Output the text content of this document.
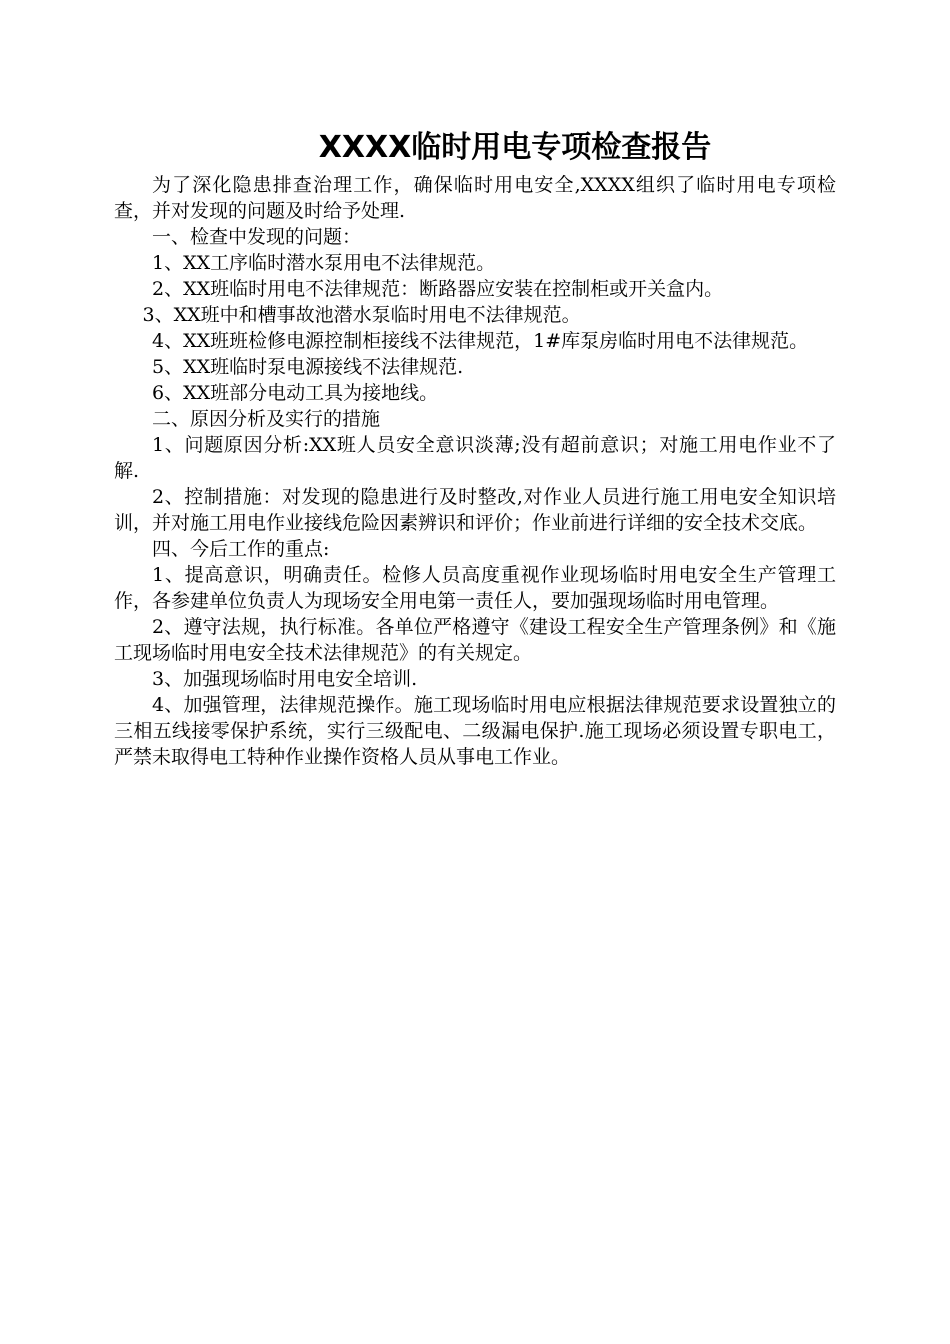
XXXX临时用电专项检查报告

为了深化隐患排查治理工作，确保临时用电安全,XXXX组织了临时用电专项检查，并对发现的问题及时给予处理.

一、检查中发现的问题：

1、XX工序临时潜水泵用电不法律规范。

2、XX班临时用电不法律规范：断路器应安装在控制柜或开关盒内。

3、XX班中和槽事故池潜水泵临时用电不法律规范。

4、XX班班检修电源控制柜接线不法律规范，1#库泵房临时用电不法律规范。

5、XX班临时泵电源接线不法律规范.

6、XX班部分电动工具为接地线。

二、原因分析及实行的措施

1、问题原因分析:XX班人员安全意识淡薄;没有超前意识；对施工用电作业不了解.

2、控制措施：对发现的隐患进行及时整改,对作业人员进行施工用电安全知识培训，并对施工用电作业接线危险因素辨识和评价；作业前进行详细的安全技术交底。

四、今后工作的重点:

1、提高意识，明确责任。检修人员高度重视作业现场临时用电安全生产管理工作，各参建单位负责人为现场安全用电第一责任人，要加强现场临时用电管理。

2、遵守法规，执行标准。各单位严格遵守《建设工程安全生产管理条例》和《施工现场临时用电安全技术法律规范》的有关规定。

3、加强现场临时用电安全培训.

4、加强管理，法律规范操作。施工现场临时用电应根据法律规范要求设置独立的三相五线接零保护系统，实行三级配电、二级漏电保护.施工现场必须设置专职电工，严禁未取得电工特种作业操作资格人员从事电工作业。
